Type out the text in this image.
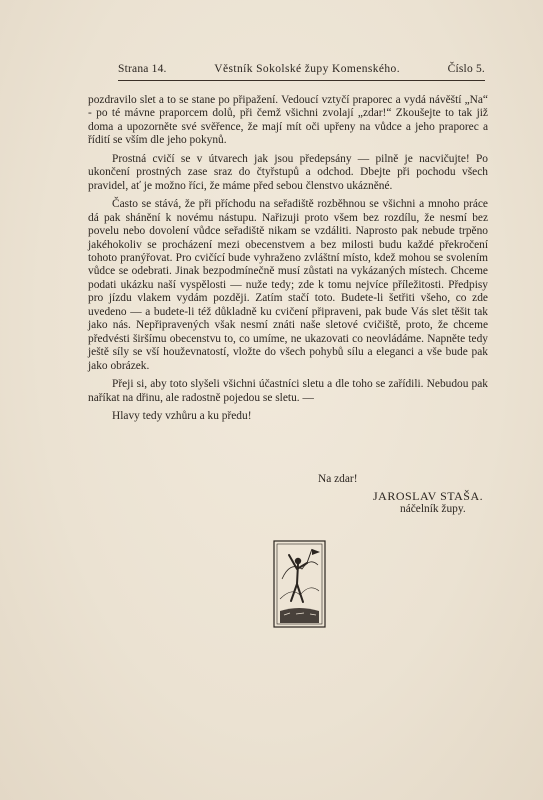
Strana 14.	Věstník Sokolské župy Komenského.	Číslo 5.

pozdravilo slet a to se stane po připažení. Vedoucí vztyčí praporec a vydá návěští „Na“ - po té mávne praporcem dolů, při čemž všichni zvolají „zdar!“ Zkoušejte to tak již doma a upozorněte své svěřence, že mají mít oči upřeny na vůdce a jeho praporec a řídití se vším dle jeho pokynů.

Prostná cvičí se v útvarech jak jsou předepsány — pilně je nacvičujte! Po ukončení prostných zase sraz do čtyřstupů a odchod. Dbejte při pochodu všech pravidel, ať je možno říci, že máme před sebou členstvo ukázněné.

Často se stává, že při příchodu na seřadiště rozběhnou se všichni a mnoho práce dá pak shánění k novému nástupu. Nařizuji proto všem bez rozdílu, že nesmí bez povelu nebo dovolení vůdce seřadiště nikam se vzdáliti. Naprosto pak nebude trpěno jakéhokoliv se procházení mezi obecenstvem a bez milosti budu každé překročení tohoto pranýřovat. Pro cvičící bude vyhraženo zvláštní místo, kdež mohou se svolením vůdce se odebrati. Jinak bezpodmínečně musí zůstati na vykázaných místech. Chceme podati ukázku naší vyspělosti — nuže tedy; zde k tomu nejvíce příležitosti. Předpisy pro jízdu vlakem vydám později. Zatím stačí toto. Budete-li šetřiti všeho, co zde uvedeno — a budete-li též důkladně ku cvičení připraveni, pak bude Vás slet těšit tak jako nás. Nepřipravených však nesmí znáti naše sletové cvičiště, proto, že chceme předvésti širšímu obecenstvu to, co umíme, ne ukazovati co neovládáme. Napněte tedy ještě síly se vší houževnatostí, vložte do všech pohybů sílu a eleganci a vše bude pak jako obrázek.

Přeji si, aby toto slyšeli všichni účastníci sletu a dle toho se zařídili. Nebudou pak naříkat na dřinu, ale radostně pojedou se sletu. —

Hlavy tedy vzhůru a ku předu!

Na zdar!
JAROSLAV STAŠA.
náčelník župy.
